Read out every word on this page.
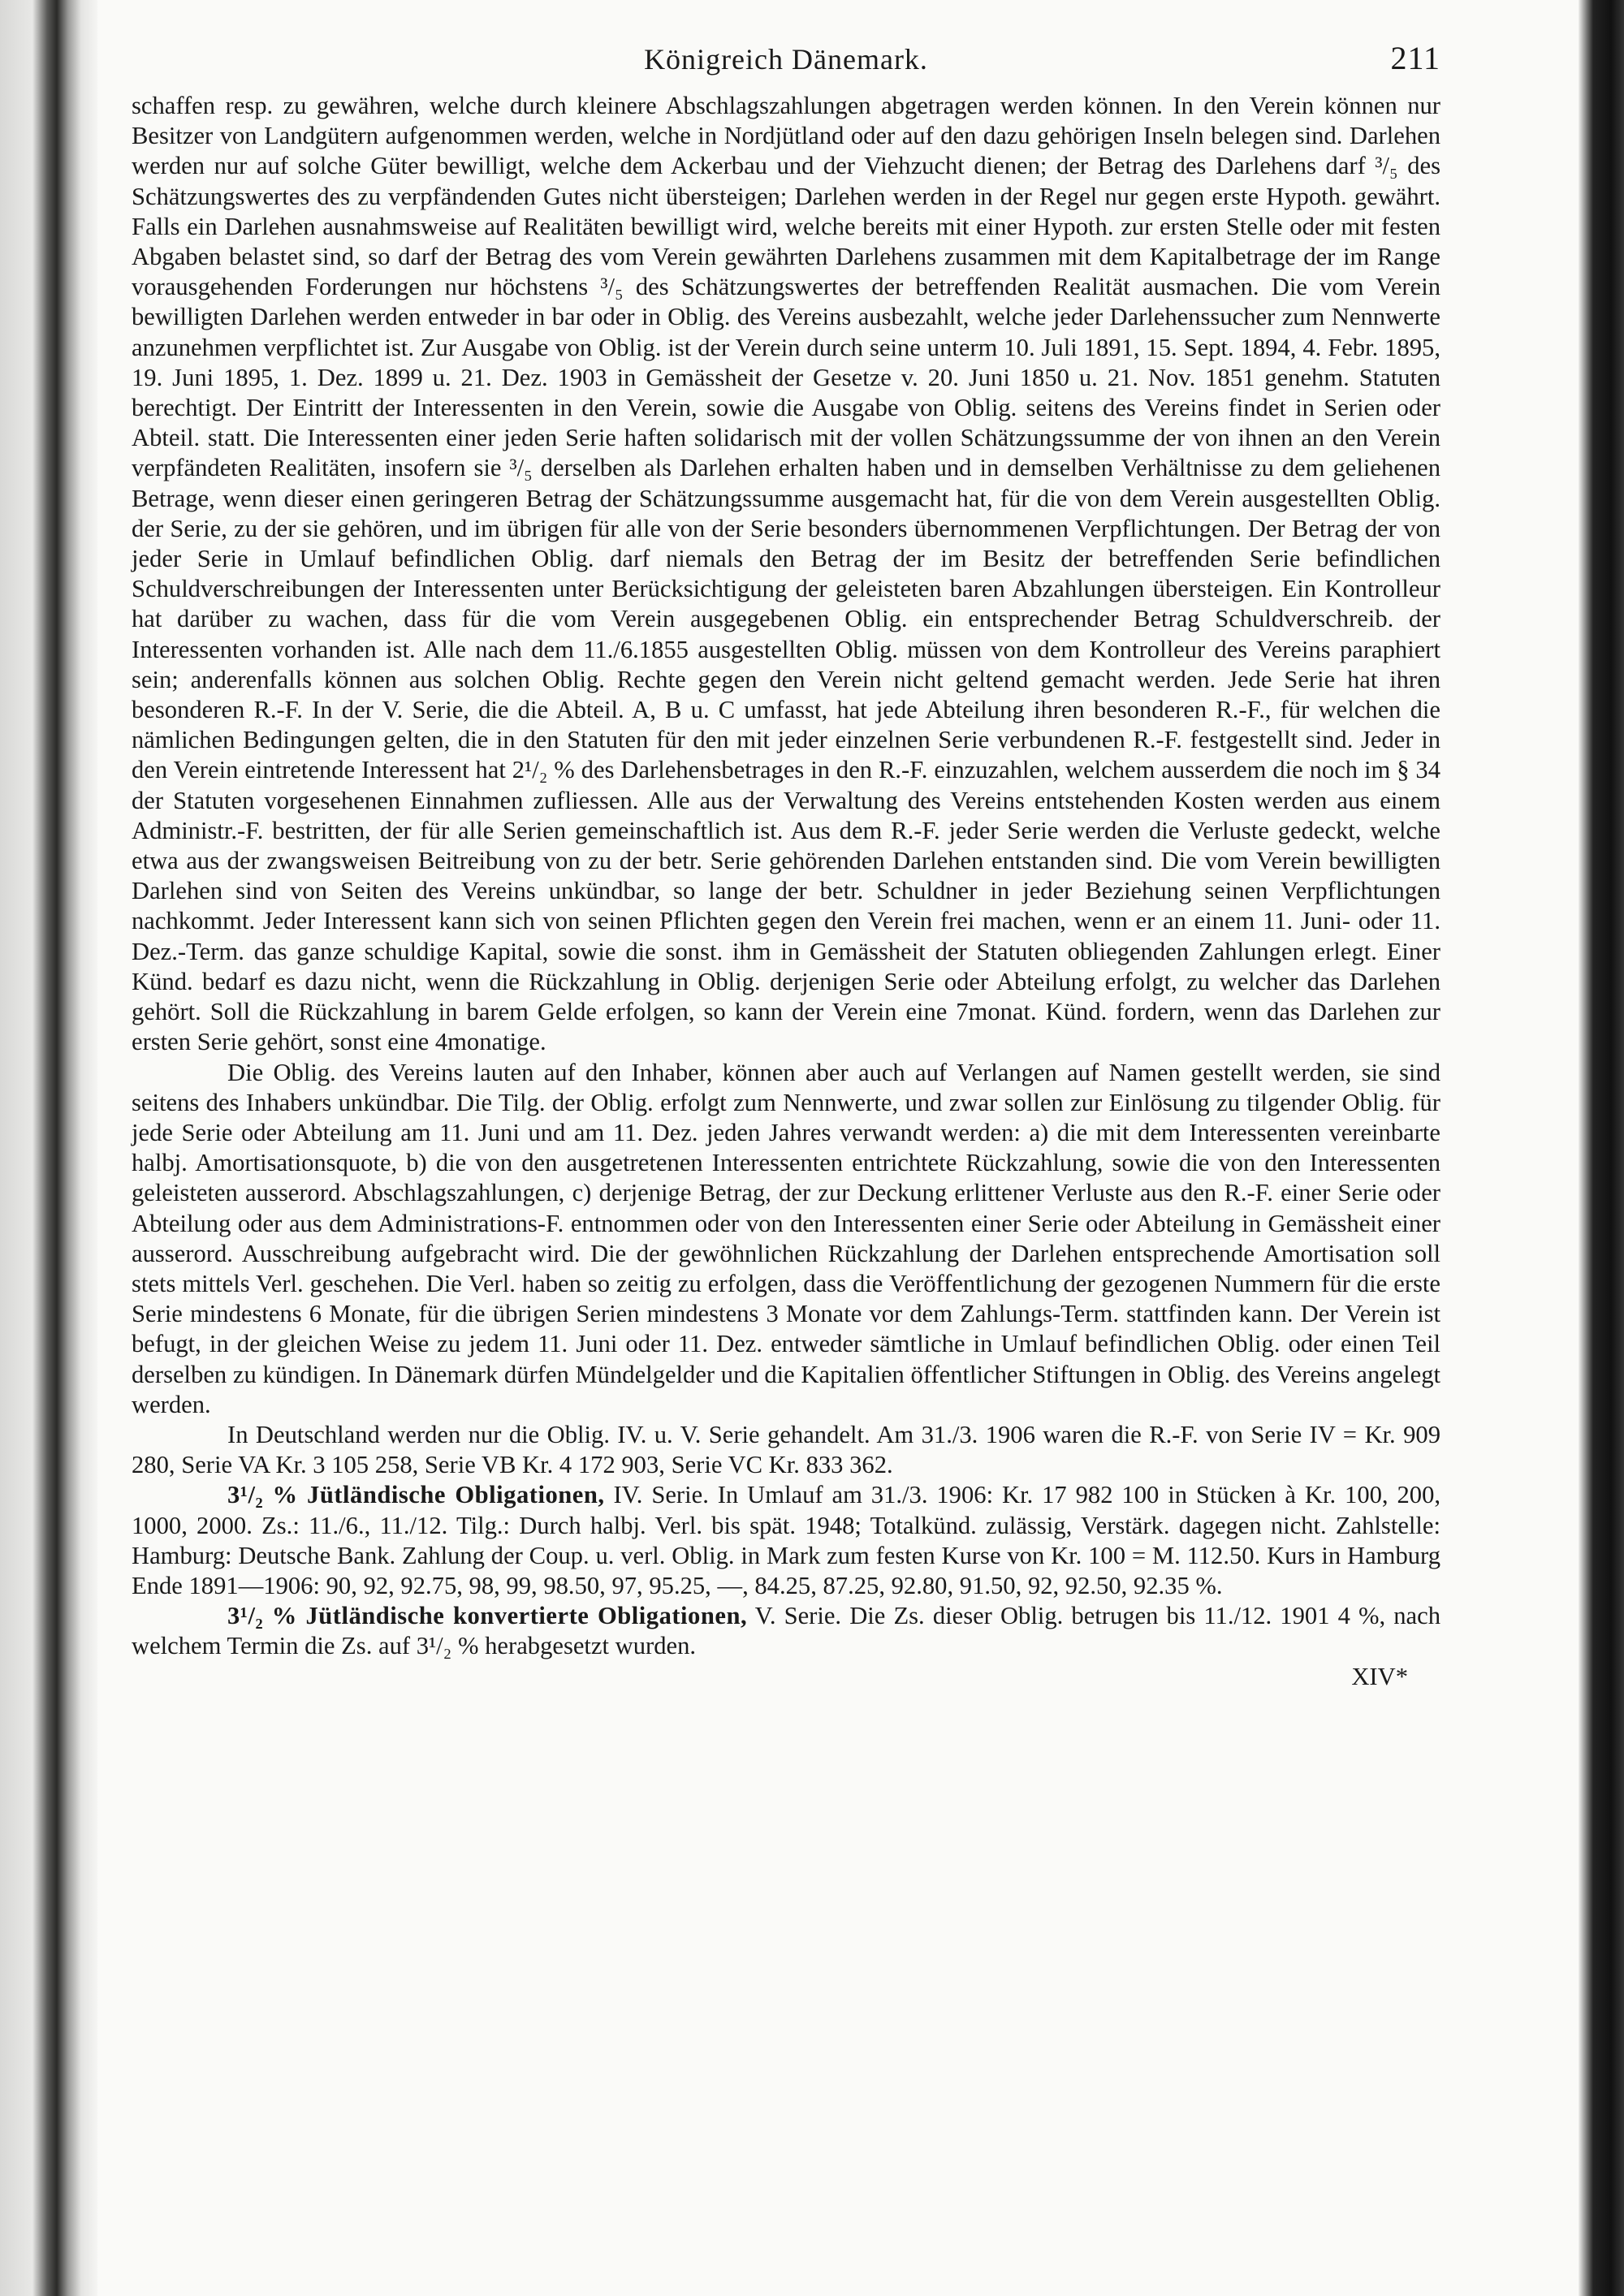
Königreich Dänemark.	211

schaffen resp. zu gewähren, welche durch kleinere Abschlagszahlungen abgetragen werden können. In den Verein können nur Besitzer von Landgütern aufgenommen werden, welche in Nordjütland oder auf den dazu gehörigen Inseln belegen sind. Darlehen werden nur auf solche Güter bewilligt, welche dem Ackerbau und der Viehzucht dienen; der Betrag des Darlehens darf ³/₅ des Schätzungswertes des zu verpfändenden Gutes nicht übersteigen; Darlehen werden in der Regel nur gegen erste Hypoth. gewährt. Falls ein Darlehen ausnahmsweise auf Realitäten bewilligt wird, welche bereits mit einer Hypoth. zur ersten Stelle oder mit festen Abgaben belastet sind, so darf der Betrag des vom Verein gewährten Darlehens zusammen mit dem Kapitalbetrage der im Range vorausgehenden Forderungen nur höchstens ³/₅ des Schätzungswertes der betreffenden Realität ausmachen. Die vom Verein bewilligten Darlehen werden entweder in bar oder in Oblig. des Vereins ausbezahlt, welche jeder Darlehenssucher zum Nennwerte anzunehmen verpflichtet ist. Zur Ausgabe von Oblig. ist der Verein durch seine unterm 10. Juli 1891, 15. Sept. 1894, 4. Febr. 1895, 19. Juni 1895, 1. Dez. 1899 u. 21. Dez. 1903 in Gemässheit der Gesetze v. 20. Juni 1850 u. 21. Nov. 1851 genehm. Statuten berechtigt. Der Eintritt der Interessenten in den Verein, sowie die Ausgabe von Oblig. seitens des Vereins findet in Serien oder Abteil. statt. Die Interessenten einer jeden Serie haften solidarisch mit der vollen Schätzungssumme der von ihnen an den Verein verpfändeten Realitäten, insofern sie ³/₅ derselben als Darlehen erhalten haben und in demselben Verhältnisse zu dem geliehenen Betrage, wenn dieser einen geringeren Betrag der Schätzungssumme ausgemacht hat, für die von dem Verein ausgestellten Oblig. der Serie, zu der sie gehören, und im übrigen für alle von der Serie besonders übernommenen Verpflichtungen. Der Betrag der von jeder Serie in Umlauf befindlichen Oblig. darf niemals den Betrag der im Besitz der betreffenden Serie befindlichen Schuldverschreibungen der Interessenten unter Berücksichtigung der geleisteten baren Abzahlungen übersteigen. Ein Kontrolleur hat darüber zu wachen, dass für die vom Verein ausgegebenen Oblig. ein entsprechender Betrag Schuldverschreib. der Interessenten vorhanden ist. Alle nach dem 11./6.1855 ausgestellten Oblig. müssen von dem Kontrolleur des Vereins paraphiert sein; anderenfalls können aus solchen Oblig. Rechte gegen den Verein nicht geltend gemacht werden. Jede Serie hat ihren besonderen R.-F. In der V. Serie, die die Abteil. A, B u. C umfasst, hat jede Abteilung ihren besonderen R.-F., für welchen die nämlichen Bedingungen gelten, die in den Statuten für den mit jeder einzelnen Serie verbundenen R.-F. festgestellt sind. Jeder in den Verein eintretende Interessent hat 2¹/₂ % des Darlehensbetrages in den R.-F. einzuzahlen, welchem ausserdem die noch im § 34 der Statuten vorgesehenen Einnahmen zufliessen. Alle aus der Verwaltung des Vereins entstehenden Kosten werden aus einem Administr.-F. bestritten, der für alle Serien gemeinschaftlich ist. Aus dem R.-F. jeder Serie werden die Verluste gedeckt, welche etwa aus der zwangsweisen Beitreibung von zu der betr. Serie gehörenden Darlehen entstanden sind. Die vom Verein bewilligten Darlehen sind von Seiten des Vereins unkündbar, so lange der betr. Schuldner in jeder Beziehung seinen Verpflichtungen nachkommt. Jeder Interessent kann sich von seinen Pflichten gegen den Verein frei machen, wenn er an einem 11. Juni- oder 11. Dez.-Term. das ganze schuldige Kapital, sowie die sonst. ihm in Gemässheit der Statuten obliegenden Zahlungen erlegt. Einer Künd. bedarf es dazu nicht, wenn die Rückzahlung in Oblig. derjenigen Serie oder Abteilung erfolgt, zu welcher das Darlehen gehört. Soll die Rückzahlung in barem Gelde erfolgen, so kann der Verein eine 7monat. Künd. fordern, wenn das Darlehen zur ersten Serie gehört, sonst eine 4monatige.

Die Oblig. des Vereins lauten auf den Inhaber, können aber auch auf Verlangen auf Namen gestellt werden, sie sind seitens des Inhabers unkündbar. Die Tilg. der Oblig. erfolgt zum Nennwerte, und zwar sollen zur Einlösung zu tilgender Oblig. für jede Serie oder Abteilung am 11. Juni und am 11. Dez. jeden Jahres verwandt werden: a) die mit dem Interessenten vereinbarte halbj. Amortisationsquote, b) die von den ausgetretenen Interessenten entrichtete Rückzahlung, sowie die von den Interessenten geleisteten ausserord. Abschlagszahlungen, c) derjenige Betrag, der zur Deckung erlittener Verluste aus den R.-F. einer Serie oder Abteilung oder aus dem Administrations-F. entnommen oder von den Interessenten einer Serie oder Abteilung in Gemässheit einer ausserord. Ausschreibung aufgebracht wird. Die der gewöhnlichen Rückzahlung der Darlehen entsprechende Amortisation soll stets mittels Verl. geschehen. Die Verl. haben so zeitig zu erfolgen, dass die Veröffentlichung der gezogenen Nummern für die erste Serie mindestens 6 Monate, für die übrigen Serien mindestens 3 Monate vor dem Zahlungs-Term. stattfinden kann. Der Verein ist befugt, in der gleichen Weise zu jedem 11. Juni oder 11. Dez. entweder sämtliche in Umlauf befindlichen Oblig. oder einen Teil derselben zu kündigen. In Dänemark dürfen Mündelgelder und die Kapitalien öffentlicher Stiftungen in Oblig. des Vereins angelegt werden.

In Deutschland werden nur die Oblig. IV. u. V. Serie gehandelt. Am 31./3. 1906 waren die R.-F. von Serie IV = Kr. 909 280, Serie VA Kr. 3 105 258, Serie VB Kr. 4 172 903, Serie VC Kr. 833 362.

3¹/₂ % Jütländische Obligationen, IV. Serie. In Umlauf am 31./3. 1906: Kr. 17 982 100 in Stücken à Kr. 100, 200, 1000, 2000. Zs.: 11./6., 11./12. Tilg.: Durch halbj. Verl. bis spät. 1948; Totalkünd. zulässig, Verstärk. dagegen nicht. Zahlstelle: Hamburg: Deutsche Bank. Zahlung der Coup. u. verl. Oblig. in Mark zum festen Kurse von Kr. 100 = M. 112.50. Kurs in Hamburg Ende 1891—1906: 90, 92, 92.75, 98, 99, 98.50, 97, 95.25, —, 84.25, 87.25, 92.80, 91.50, 92, 92.50, 92.35 %.

3¹/₂ % Jütländische konvertierte Obligationen, V. Serie. Die Zs. dieser Oblig. betrugen bis 11./12. 1901 4 %, nach welchem Termin die Zs. auf 3¹/₂ % herabgesetzt wurden.

XIV*
